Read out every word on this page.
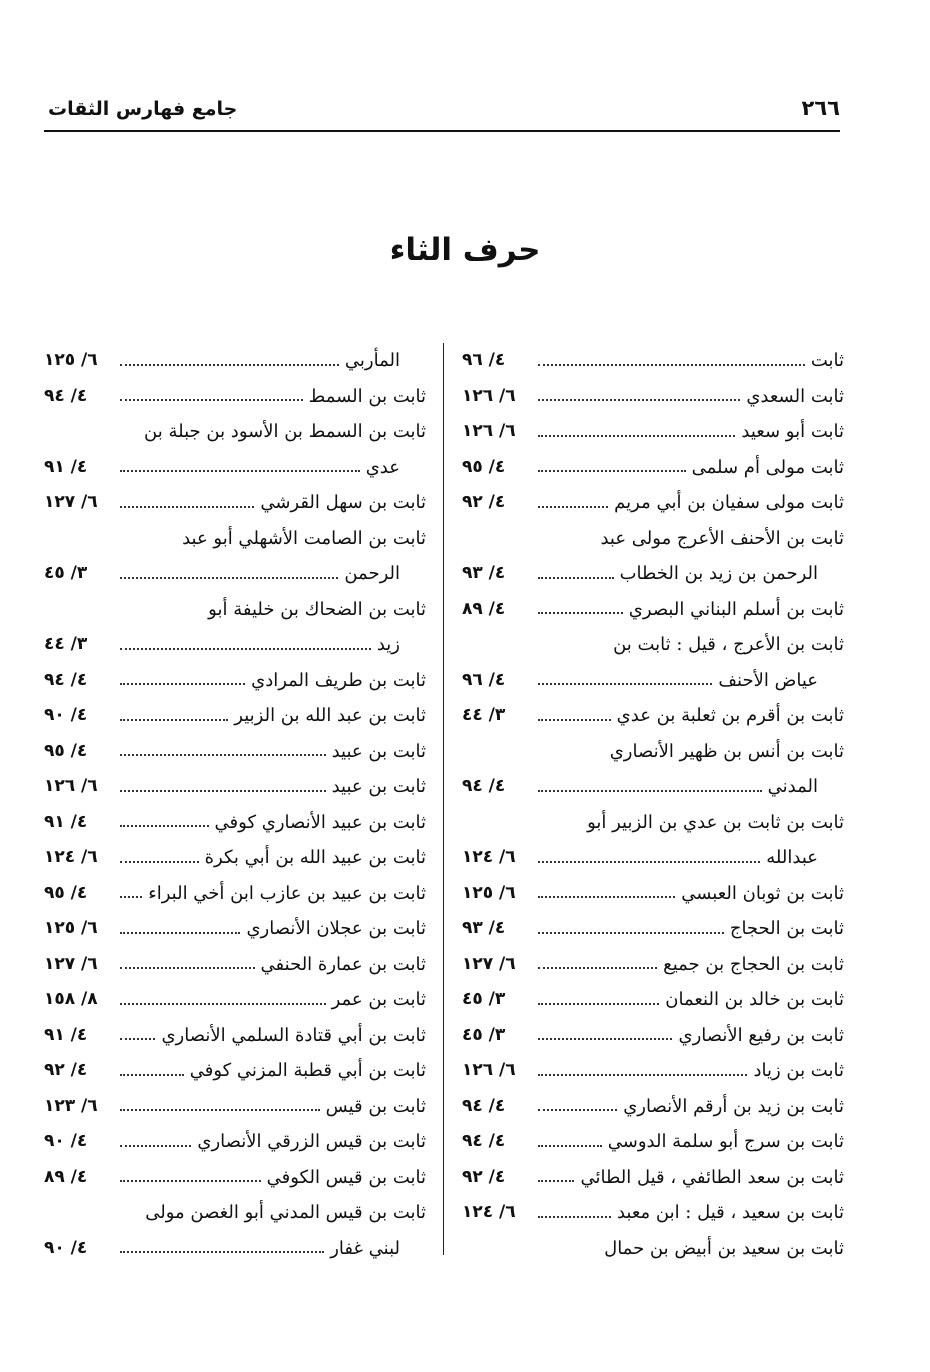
٢٦٦
جامع فهارس الثقات
حرف الثاء
ثابت
٤/ ٩٦
ثابت السعدي
٦/ ١٢٦
ثابت أبو سعيد
٦/ ١٢٦
ثابت مولى أم سلمى
٤/ ٩٥
ثابت مولى سفيان بن أبي مريم
٤/ ٩٢
ثابت بن الأحنف الأعرج مولى عبد
الرحمن بن زيد بن الخطاب
٤/ ٩٣
ثابت بن أسلم البناني البصري
٤/ ٨٩
ثابت بن الأعرج ، قيل : ثابت بن
عياض الأحنف
٤/ ٩٦
ثابت بن أقرم بن ثعلبة بن عدي
٣/ ٤٤
ثابت بن أنس بن ظهير الأنصاري
المدني
٤/ ٩٤
ثابت بن ثابت بن عدي بن الزبير أبو
عبدالله
٦/ ١٢٤
ثابت بن ثوبان العبسي
٦/ ١٢٥
ثابت بن الحجاج
٤/ ٩٣
ثابت بن الحجاج بن جميع
٦/ ١٢٧
ثابت بن خالد بن النعمان
٣/ ٤٥
ثابت بن رفيع الأنصاري
٣/ ٤٥
ثابت بن زياد
٦/ ١٢٦
ثابت بن زيد بن أرقم الأنصاري
٤/ ٩٤
ثابت بن سرج أبو سلمة الدوسي
٤/ ٩٤
ثابت بن سعد الطائفي ، قيل الطائي
٤/ ٩٢
ثابت بن سعيد ، قيل : ابن معبد
٦/ ١٢٤
ثابت بن سعيد بن أبيض بن حمال
المأربي
٦/ ١٢٥
ثابت بن السمط
٤/ ٩٤
ثابت بن السمط بن الأسود بن جبلة بن
عدي
٤/ ٩١
ثابت بن سهل القرشي
٦/ ١٢٧
ثابت بن الصامت الأشهلي أبو عبد
الرحمن
٣/ ٤٥
ثابت بن الضحاك بن خليفة أبو
زيد
٣/ ٤٤
ثابت بن طريف المرادي
٤/ ٩٤
ثابت بن عبد الله بن الزبير
٤/ ٩٠
ثابت بن عبيد
٤/ ٩٥
ثابت بن عبيد
٦/ ١٢٦
ثابت بن عبيد الأنصاري كوفي
٤/ ٩١
ثابت بن عبيد الله بن أبي بكرة
٦/ ١٢٤
ثابت بن عبيد بن عازب ابن أخي البراء
٤/ ٩٥
ثابت بن عجلان الأنصاري
٦/ ١٢٥
ثابت بن عمارة الحنفي
٦/ ١٢٧
ثابت بن عمر
٨/ ١٥٨
ثابت بن أبي قتادة السلمي الأنصاري
٤/ ٩١
ثابت بن أبي قطبة المزني كوفي
٤/ ٩٢
ثابت بن قيس
٦/ ١٢٣
ثابت بن قيس الزرقي الأنصاري
٤/ ٩٠
ثابت بن قيس الكوفي
٤/ ٨٩
ثابت بن قيس المدني أبو الغصن مولى
لبني غفار
٤/ ٩٠
